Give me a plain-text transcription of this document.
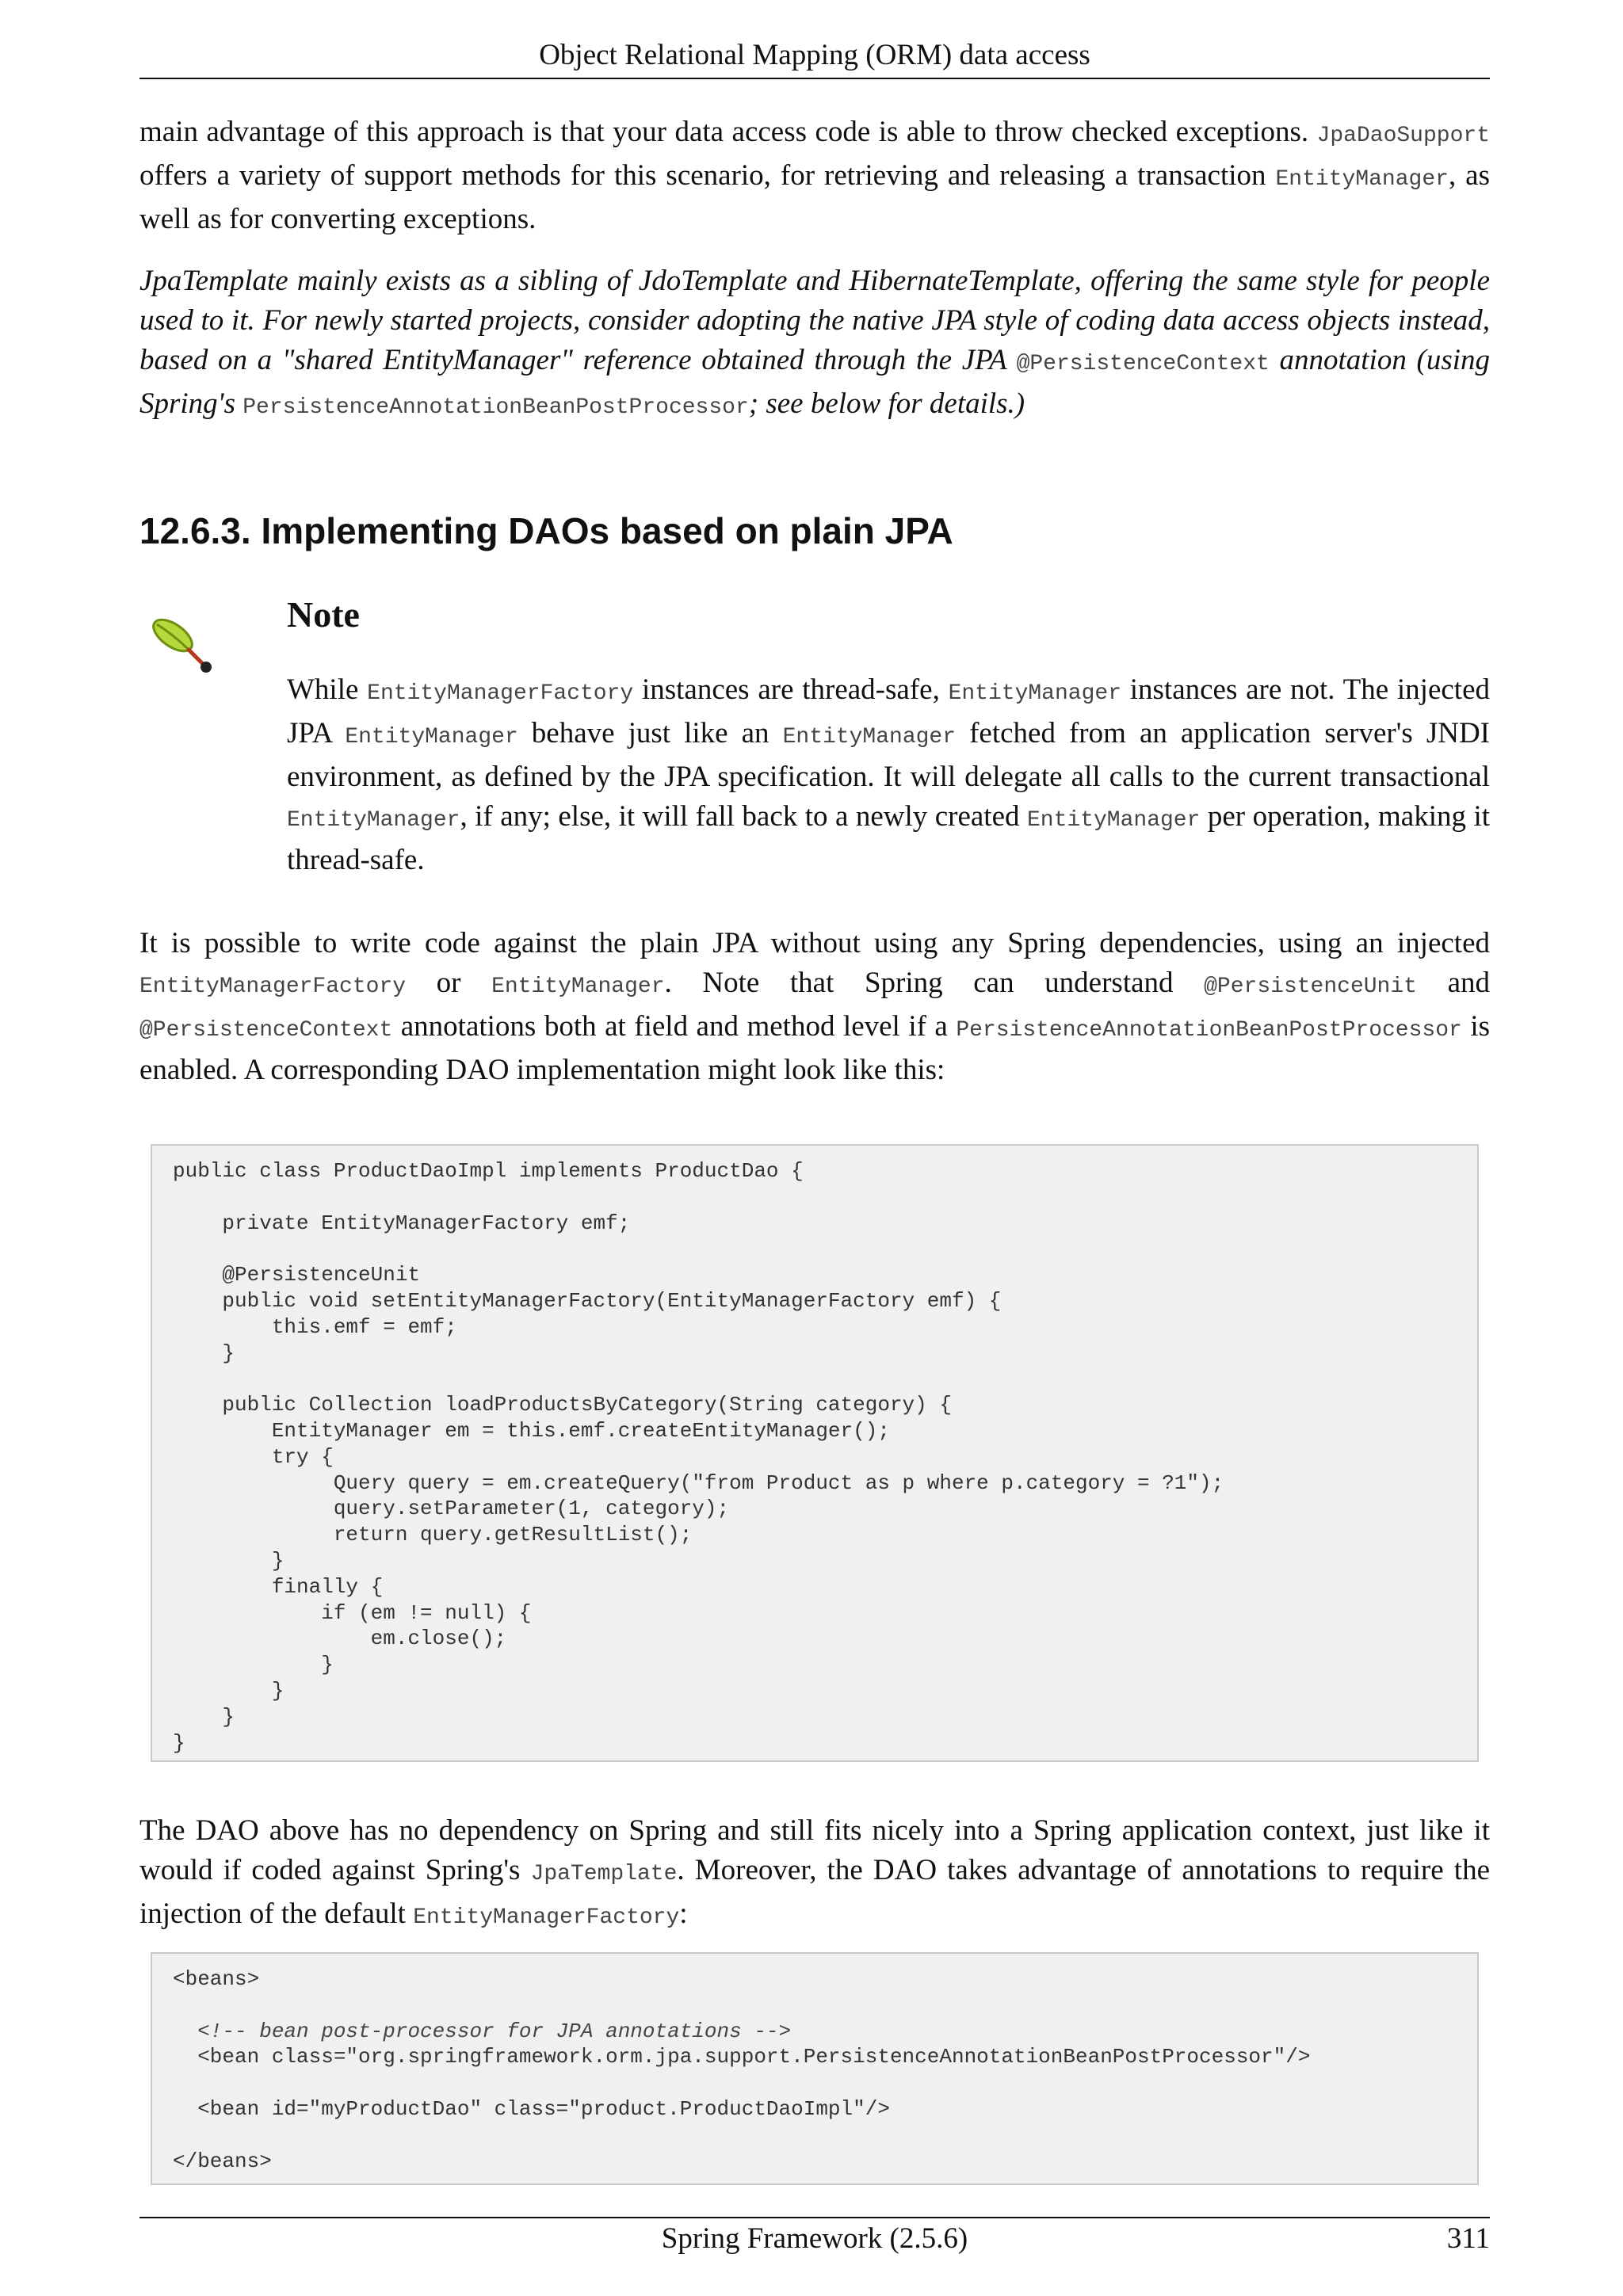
Object Relational Mapping (ORM) data access

main advantage of this approach is that your data access code is able to throw checked exceptions. JpaDaoSupport offers a variety of support methods for this scenario, for retrieving and releasing a transaction EntityManager, as well as for converting exceptions.

JpaTemplate mainly exists as a sibling of JdoTemplate and HibernateTemplate, offering the same style for people used to it. For newly started projects, consider adopting the native JPA style of coding data access objects instead, based on a "shared EntityManager" reference obtained through the JPA @PersistenceContext annotation (using Spring's PersistenceAnnotationBeanPostProcessor; see below for details.)

12.6.3. Implementing DAOs based on plain JPA
Note

While EntityManagerFactory instances are thread-safe, EntityManager instances are not. The injected JPA EntityManager behave just like an EntityManager fetched from an application server's JNDI environment, as defined by the JPA specification. It will delegate all calls to the current transactional EntityManager, if any; else, it will fall back to a newly created EntityManager per operation, making it thread-safe.

It is possible to write code against the plain JPA without using any Spring dependencies, using an injected EntityManagerFactory or EntityManager. Note that Spring can understand @PersistenceUnit and @PersistenceContext annotations both at field and method level if a PersistenceAnnotationBeanPostProcessor is enabled. A corresponding DAO implementation might look like this:

public class ProductDaoImpl implements ProductDao {

private EntityManagerFactory emf;

@PersistenceUnit
public void setEntityManagerFactory(EntityManagerFactory emf) {
this.emf = emf;
}

public Collection loadProductsByCategory(String category) {
EntityManager em = this.emf.createEntityManager();
try {
Query query = em.createQuery("from Product as p where p.category = ?1");
query.setParameter(1, category);
return query.getResultList();
}
finally {
if (em != null) {
em.close();
}
}
}
}

The DAO above has no dependency on Spring and still fits nicely into a Spring application context, just like it would if coded against Spring's JpaTemplate. Moreover, the DAO takes advantage of annotations to require the injection of the default EntityManagerFactory:

<beans>

<!-- bean post-processor for JPA annotations -->
<bean class="org.springframework.orm.jpa.support.PersistenceAnnotationBeanPostProcessor"/>

<bean id="myProductDao" class="product.ProductDaoImpl"/>

</beans>
Spring Framework (2.5.6)	311
